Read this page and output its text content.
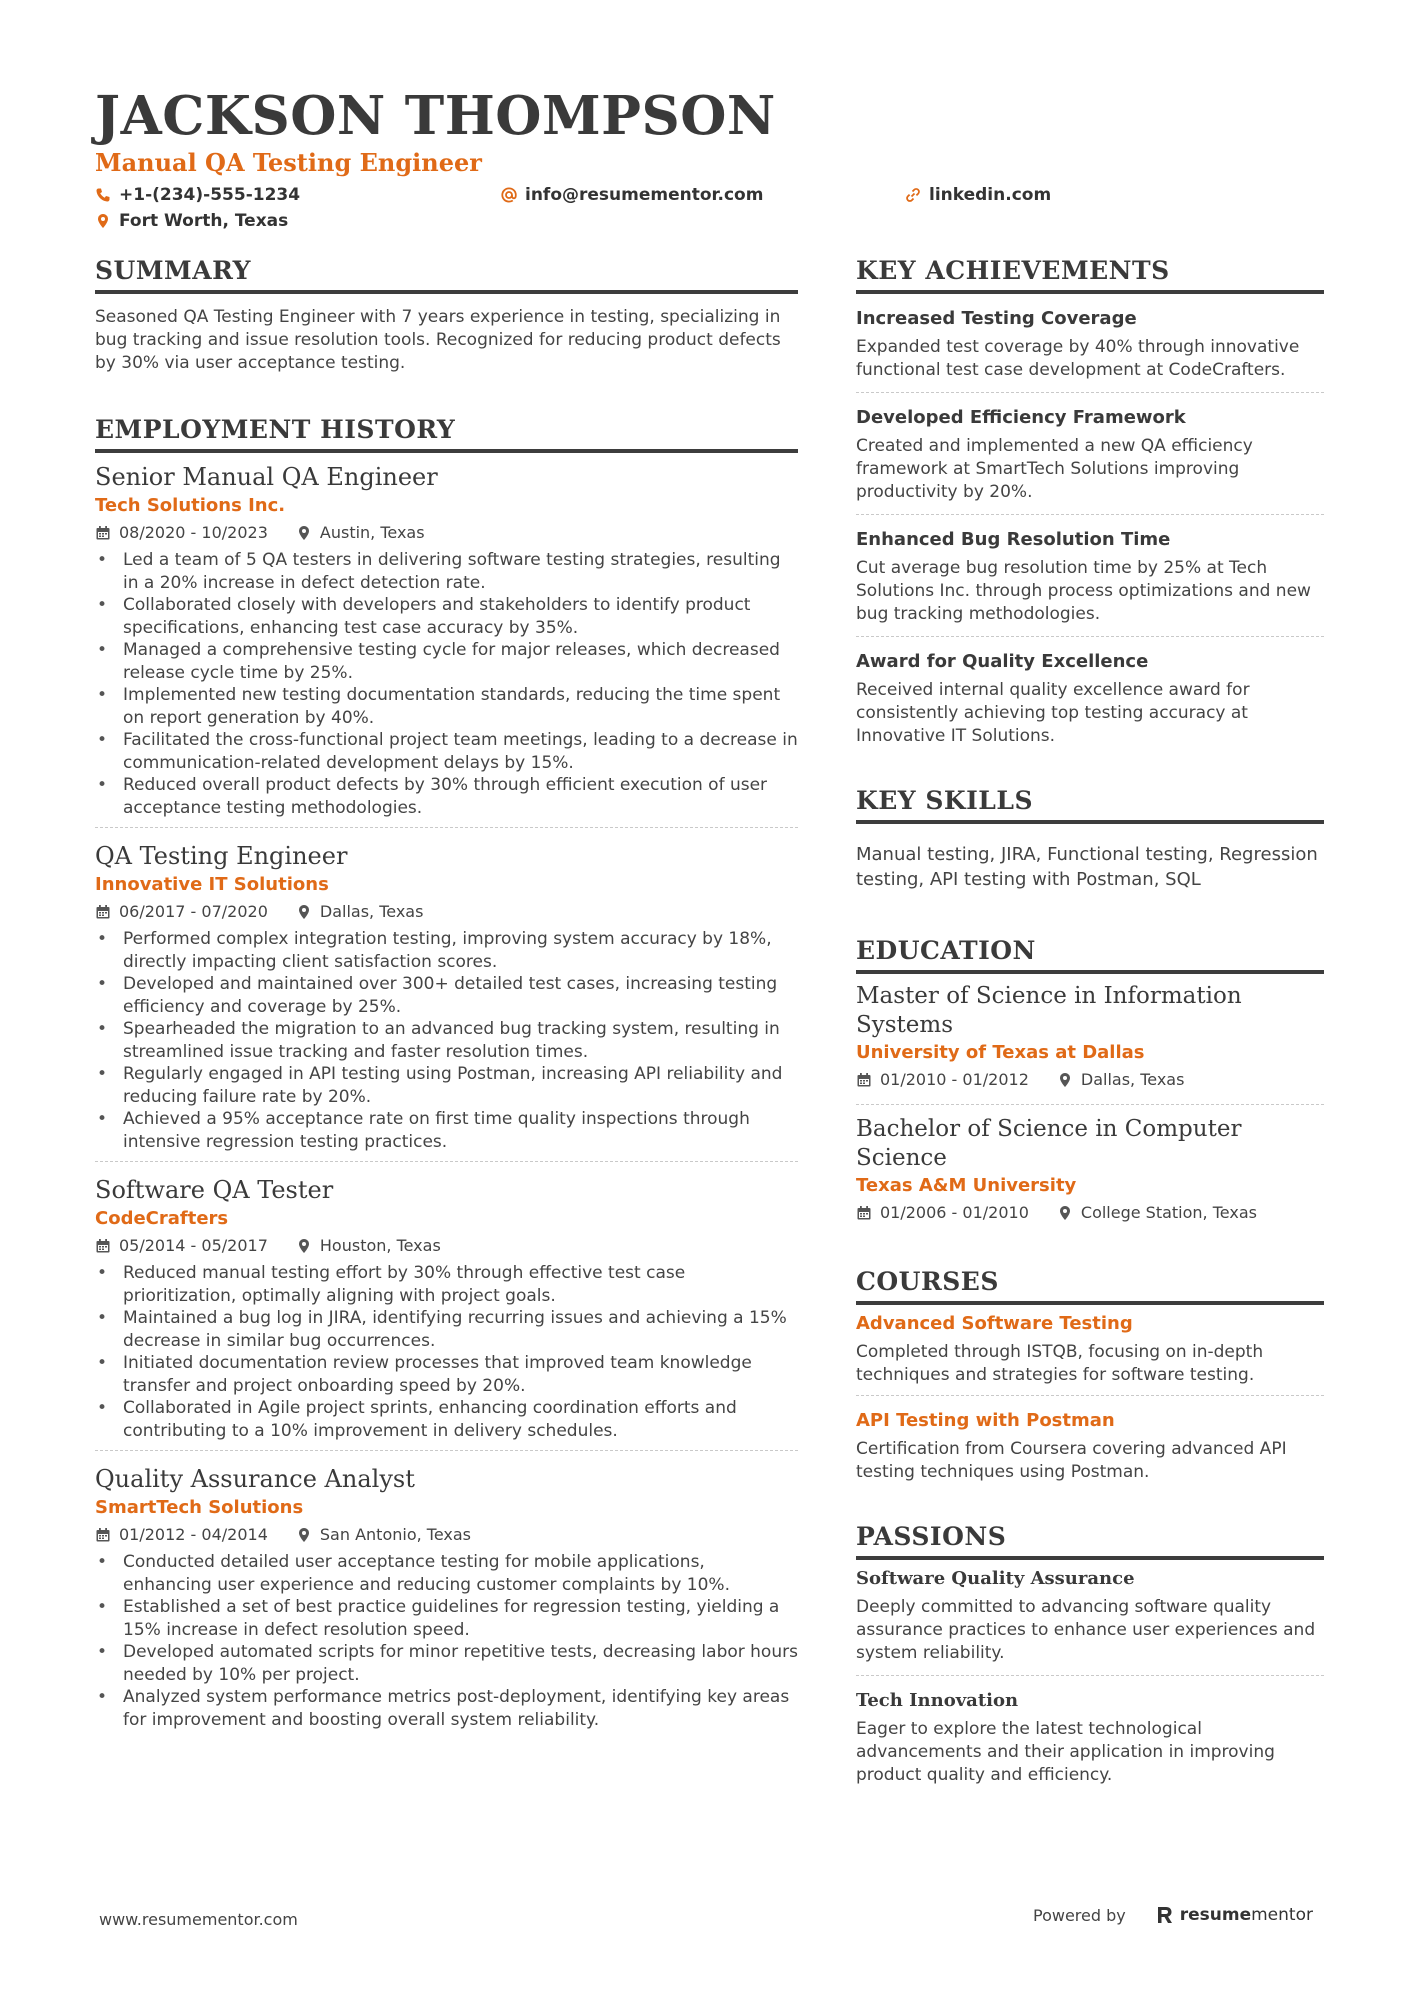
JACKSON THOMPSON

Manual QA Testing Engineer

+1-(234)-555-1234	info@resumementor.com	linkedin.com
Fort Worth, Texas
SUMMARY

Seasoned QA Testing Engineer with 7 years experience in testing, specializing in bug tracking and issue resolution tools. Recognized for reducing product defects by 30% via user acceptance testing.

EMPLOYMENT HISTORY

Senior Manual QA Engineer

Tech Solutions Inc.

08/2020 - 10/2023	Austin, Texas
• Led a team of 5 QA testers in delivering software testing strategies, resulting in a 20% increase in defect detection rate.
• Collaborated closely with developers and stakeholders to identify product specifications, enhancing test case accuracy by 35%.
• Managed a comprehensive testing cycle for major releases, which decreased release cycle time by 25%.
• Implemented new testing documentation standards, reducing the time spent on report generation by 40%.
• Facilitated the cross-functional project team meetings, leading to a decrease in communication-related development delays by 15%.
• Reduced overall product defects by 30% through efficient execution of user acceptance testing methodologies.

QA Testing Engineer

Innovative IT Solutions

06/2017 - 07/2020	Dallas, Texas
• Performed complex integration testing, improving system accuracy by 18%, directly impacting client satisfaction scores.
• Developed and maintained over 300+ detailed test cases, increasing testing efficiency and coverage by 25%.
• Spearheaded the migration to an advanced bug tracking system, resulting in streamlined issue tracking and faster resolution times.
• Regularly engaged in API testing using Postman, increasing API reliability and reducing failure rate by 20%.
• Achieved a 95% acceptance rate on first time quality inspections through intensive regression testing practices.

Software QA Tester

CodeCrafters

05/2014 - 05/2017	Houston, Texas
• Reduced manual testing effort by 30% through effective test case prioritization, optimally aligning with project goals.
• Maintained a bug log in JIRA, identifying recurring issues and achieving a 15% decrease in similar bug occurrences.
• Initiated documentation review processes that improved team knowledge transfer and project onboarding speed by 20%.
• Collaborated in Agile project sprints, enhancing coordination efforts and contributing to a 10% improvement in delivery schedules.

Quality Assurance Analyst

SmartTech Solutions

01/2012 - 04/2014	San Antonio, Texas
• Conducted detailed user acceptance testing for mobile applications, enhancing user experience and reducing customer complaints by 10%.
• Established a set of best practice guidelines for regression testing, yielding a 15% increase in defect resolution speed.
• Developed automated scripts for minor repetitive tests, decreasing labor hours needed by 10% per project.
• Analyzed system performance metrics post-deployment, identifying key areas for improvement and boosting overall system reliability.
KEY ACHIEVEMENTS

Increased Testing Coverage

Expanded test coverage by 40% through innovative functional test case development at CodeCrafters.

Developed Efficiency Framework

Created and implemented a new QA efficiency framework at SmartTech Solutions improving productivity by 20%.

Enhanced Bug Resolution Time

Cut average bug resolution time by 25% at Tech Solutions Inc. through process optimizations and new bug tracking methodologies.

Award for Quality Excellence

Received internal quality excellence award for consistently achieving top testing accuracy at Innovative IT Solutions.

KEY SKILLS

Manual testing, JIRA, Functional testing, Regression testing, API testing with Postman, SQL

EDUCATION

Master of Science in Information Systems

University of Texas at Dallas

01/2010 - 01/2012	Dallas, Texas

Bachelor of Science in Computer Science

Texas A&M University

01/2006 - 01/2010	College Station, Texas
COURSES

Advanced Software Testing

Completed through ISTQB, focusing on in-depth techniques and strategies for software testing.

API Testing with Postman

Certification from Coursera covering advanced API testing techniques using Postman.

PASSIONS

Software Quality Assurance

Deeply committed to advancing software quality assurance practices to enhance user experiences and system reliability.

Tech Innovation

Eager to explore the latest technological advancements and their application in improving product quality and efficiency.

www.resumementor.com	Powered by	resumementor
